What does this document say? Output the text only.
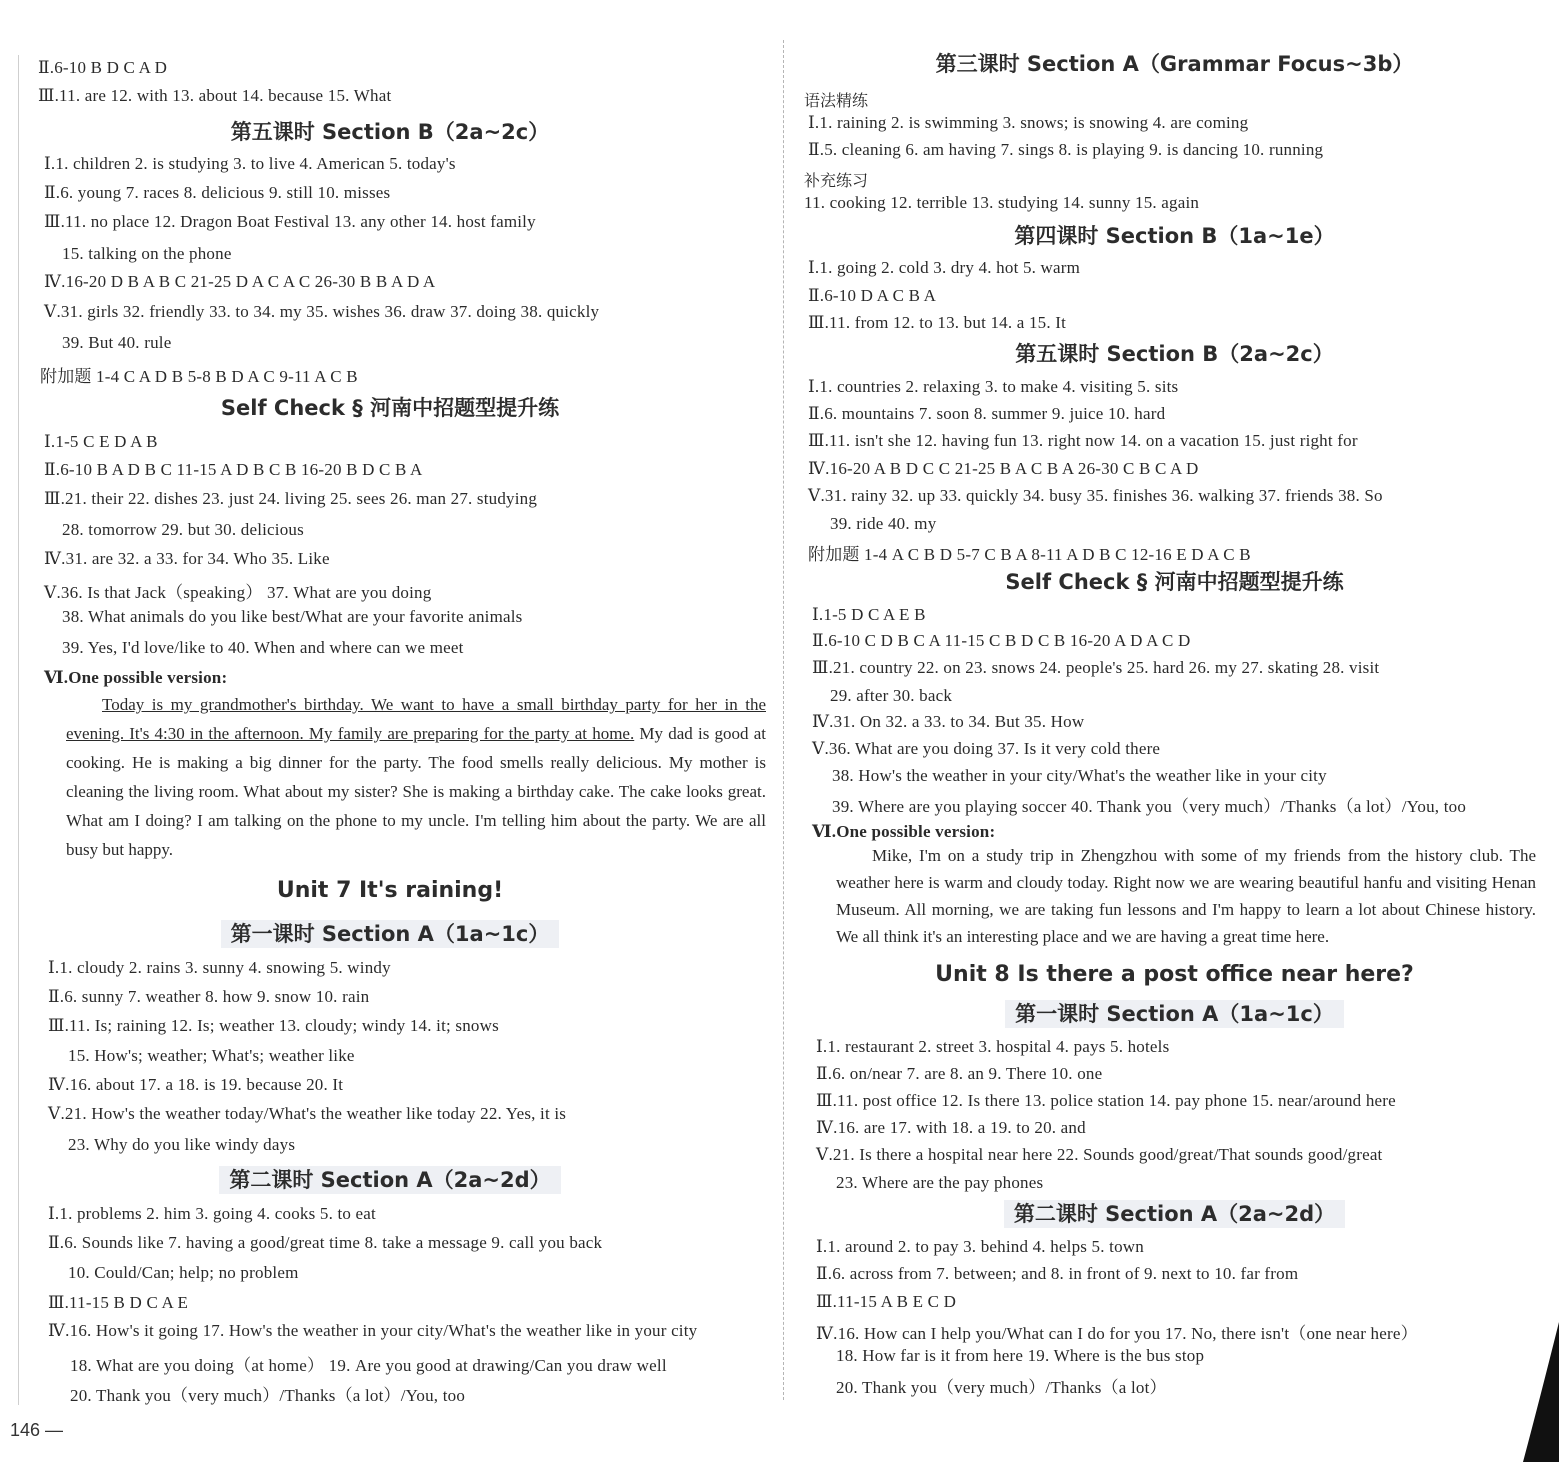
Ⅱ.6-10 B D C A D
Ⅲ.11. are 12. with 13. about 14. because 15. What
第五课时 Section B（2a~2c）
Ⅰ.1. children 2. is studying 3. to live 4. American 5. today's
Ⅱ.6. young 7. races 8. delicious 9. still 10. misses
Ⅲ.11. no place 12. Dragon Boat Festival 13. any other 14. host family
15. talking on the phone
Ⅳ.16-20 D B A B C 21-25 D A C A C 26-30 B B A D A
Ⅴ.31. girls 32. friendly 33. to 34. my 35. wishes 36. draw 37. doing 38. quickly
39. But 40. rule
附加题 1-4 C A D B 5-8 B D A C 9-11 A C B
Self Check § 河南中招题型提升练
Ⅰ.1-5 C E D A B
Ⅱ.6-10 B A D B C 11-15 A D B C B 16-20 B D C B A
Ⅲ.21. their 22. dishes 23. just 24. living 25. sees 26. man 27. studying
28. tomorrow 29. but 30. delicious
Ⅳ.31. are 32. a 33. for 34. Who 35. Like
Ⅴ.36. Is that Jack（speaking） 37. What are you doing
38. What animals do you like best/What are your favorite animals
39. Yes, I'd love/like to 40. When and where can we meet
Ⅵ.One possible version:
Unit 7 It's raining!
第一课时 Section A（1a~1c）
Ⅰ.1. cloudy 2. rains 3. sunny 4. snowing 5. windy
Ⅱ.6. sunny 7. weather 8. how 9. snow 10. rain
Ⅲ.11. Is; raining 12. Is; weather 13. cloudy; windy 14. it; snows
15. How's; weather; What's; weather like
Ⅳ.16. about 17. a 18. is 19. because 20. It
Ⅴ.21. How's the weather today/What's the weather like today 22. Yes, it is
23. Why do you like windy days
第二课时 Section A（2a~2d）
Ⅰ.1. problems 2. him 3. going 4. cooks 5. to eat
Ⅱ.6. Sounds like 7. having a good/great time 8. take a message 9. call you back
10. Could/Can; help; no problem
Ⅲ.11-15 B D C A E
Ⅳ.16. How's it going 17. How's the weather in your city/What's the weather like in your city
18. What are you doing（at home） 19. Are you good at drawing/Can you draw well
20. Thank you（very much）/Thanks（a lot）/You, too
Today is my grandmother's birthday. We want to have a small birthday party for her in the evening. It's 4:30 in the afternoon. My family are preparing for the party at home. My dad is good at cooking. He is making a big dinner for the party. The food smells really delicious. My mother is cleaning the living room. What about my sister? She is making a birthday cake. The cake looks great. What am I doing? I am talking on the phone to my uncle. I'm telling him about the party. We are all busy but happy.
第三课时 Section A（Grammar Focus~3b）
语法精练
Ⅰ.1. raining 2. is swimming 3. snows; is snowing 4. are coming
Ⅱ.5. cleaning 6. am having 7. sings 8. is playing 9. is dancing 10. running
补充练习
11. cooking 12. terrible 13. studying 14. sunny 15. again
第四课时 Section B（1a~1e）
Ⅰ.1. going 2. cold 3. dry 4. hot 5. warm
Ⅱ.6-10 D A C B A
Ⅲ.11. from 12. to 13. but 14. a 15. It
第五课时 Section B（2a~2c）
Ⅰ.1. countries 2. relaxing 3. to make 4. visiting 5. sits
Ⅱ.6. mountains 7. soon 8. summer 9. juice 10. hard
Ⅲ.11. isn't she 12. having fun 13. right now 14. on a vacation 15. just right for
Ⅳ.16-20 A B D C C 21-25 B A C B A 26-30 C B C A D
Ⅴ.31. rainy 32. up 33. quickly 34. busy 35. finishes 36. walking 37. friends 38. So
39. ride 40. my
附加题 1-4 A C B D 5-7 C B A 8-11 A D B C 12-16 E D A C B
Self Check § 河南中招题型提升练
Ⅰ.1-5 D C A E B
Ⅱ.6-10 C D B C A 11-15 C B D C B 16-20 A D A C D
Ⅲ.21. country 22. on 23. snows 24. people's 25. hard 26. my 27. skating 28. visit
29. after 30. back
Ⅳ.31. On 32. a 33. to 34. But 35. How
Ⅴ.36. What are you doing 37. Is it very cold there
38. How's the weather in your city/What's the weather like in your city
39. Where are you playing soccer 40. Thank you（very much）/Thanks（a lot）/You, too
Ⅵ.One possible version:
Unit 8 Is there a post office near here?
第一课时 Section A（1a~1c）
Ⅰ.1. restaurant 2. street 3. hospital 4. pays 5. hotels
Ⅱ.6. on/near 7. are 8. an 9. There 10. one
Ⅲ.11. post office 12. Is there 13. police station 14. pay phone 15. near/around here
Ⅳ.16. are 17. with 18. a 19. to 20. and
Ⅴ.21. Is there a hospital near here 22. Sounds good/great/That sounds good/great
23. Where are the pay phones
第二课时 Section A（2a~2d）
Ⅰ.1. around 2. to pay 3. behind 4. helps 5. town
Ⅱ.6. across from 7. between; and 8. in front of 9. next to 10. far from
Ⅲ.11-15 A B E C D
Ⅳ.16. How can I help you/What can I do for you 17. No, there isn't（one near here）
18. How far is it from here 19. Where is the bus stop
20. Thank you（very much）/Thanks（a lot）
Mike, I'm on a study trip in Zhengzhou with some of my friends from the history club. The weather here is warm and cloudy today. Right now we are wearing beautiful hanfu and visiting Henan Museum. All morning, we are taking fun lessons and I'm happy to learn a lot about Chinese history. We all think it's an interesting place and we are having a great time here.
146 —
